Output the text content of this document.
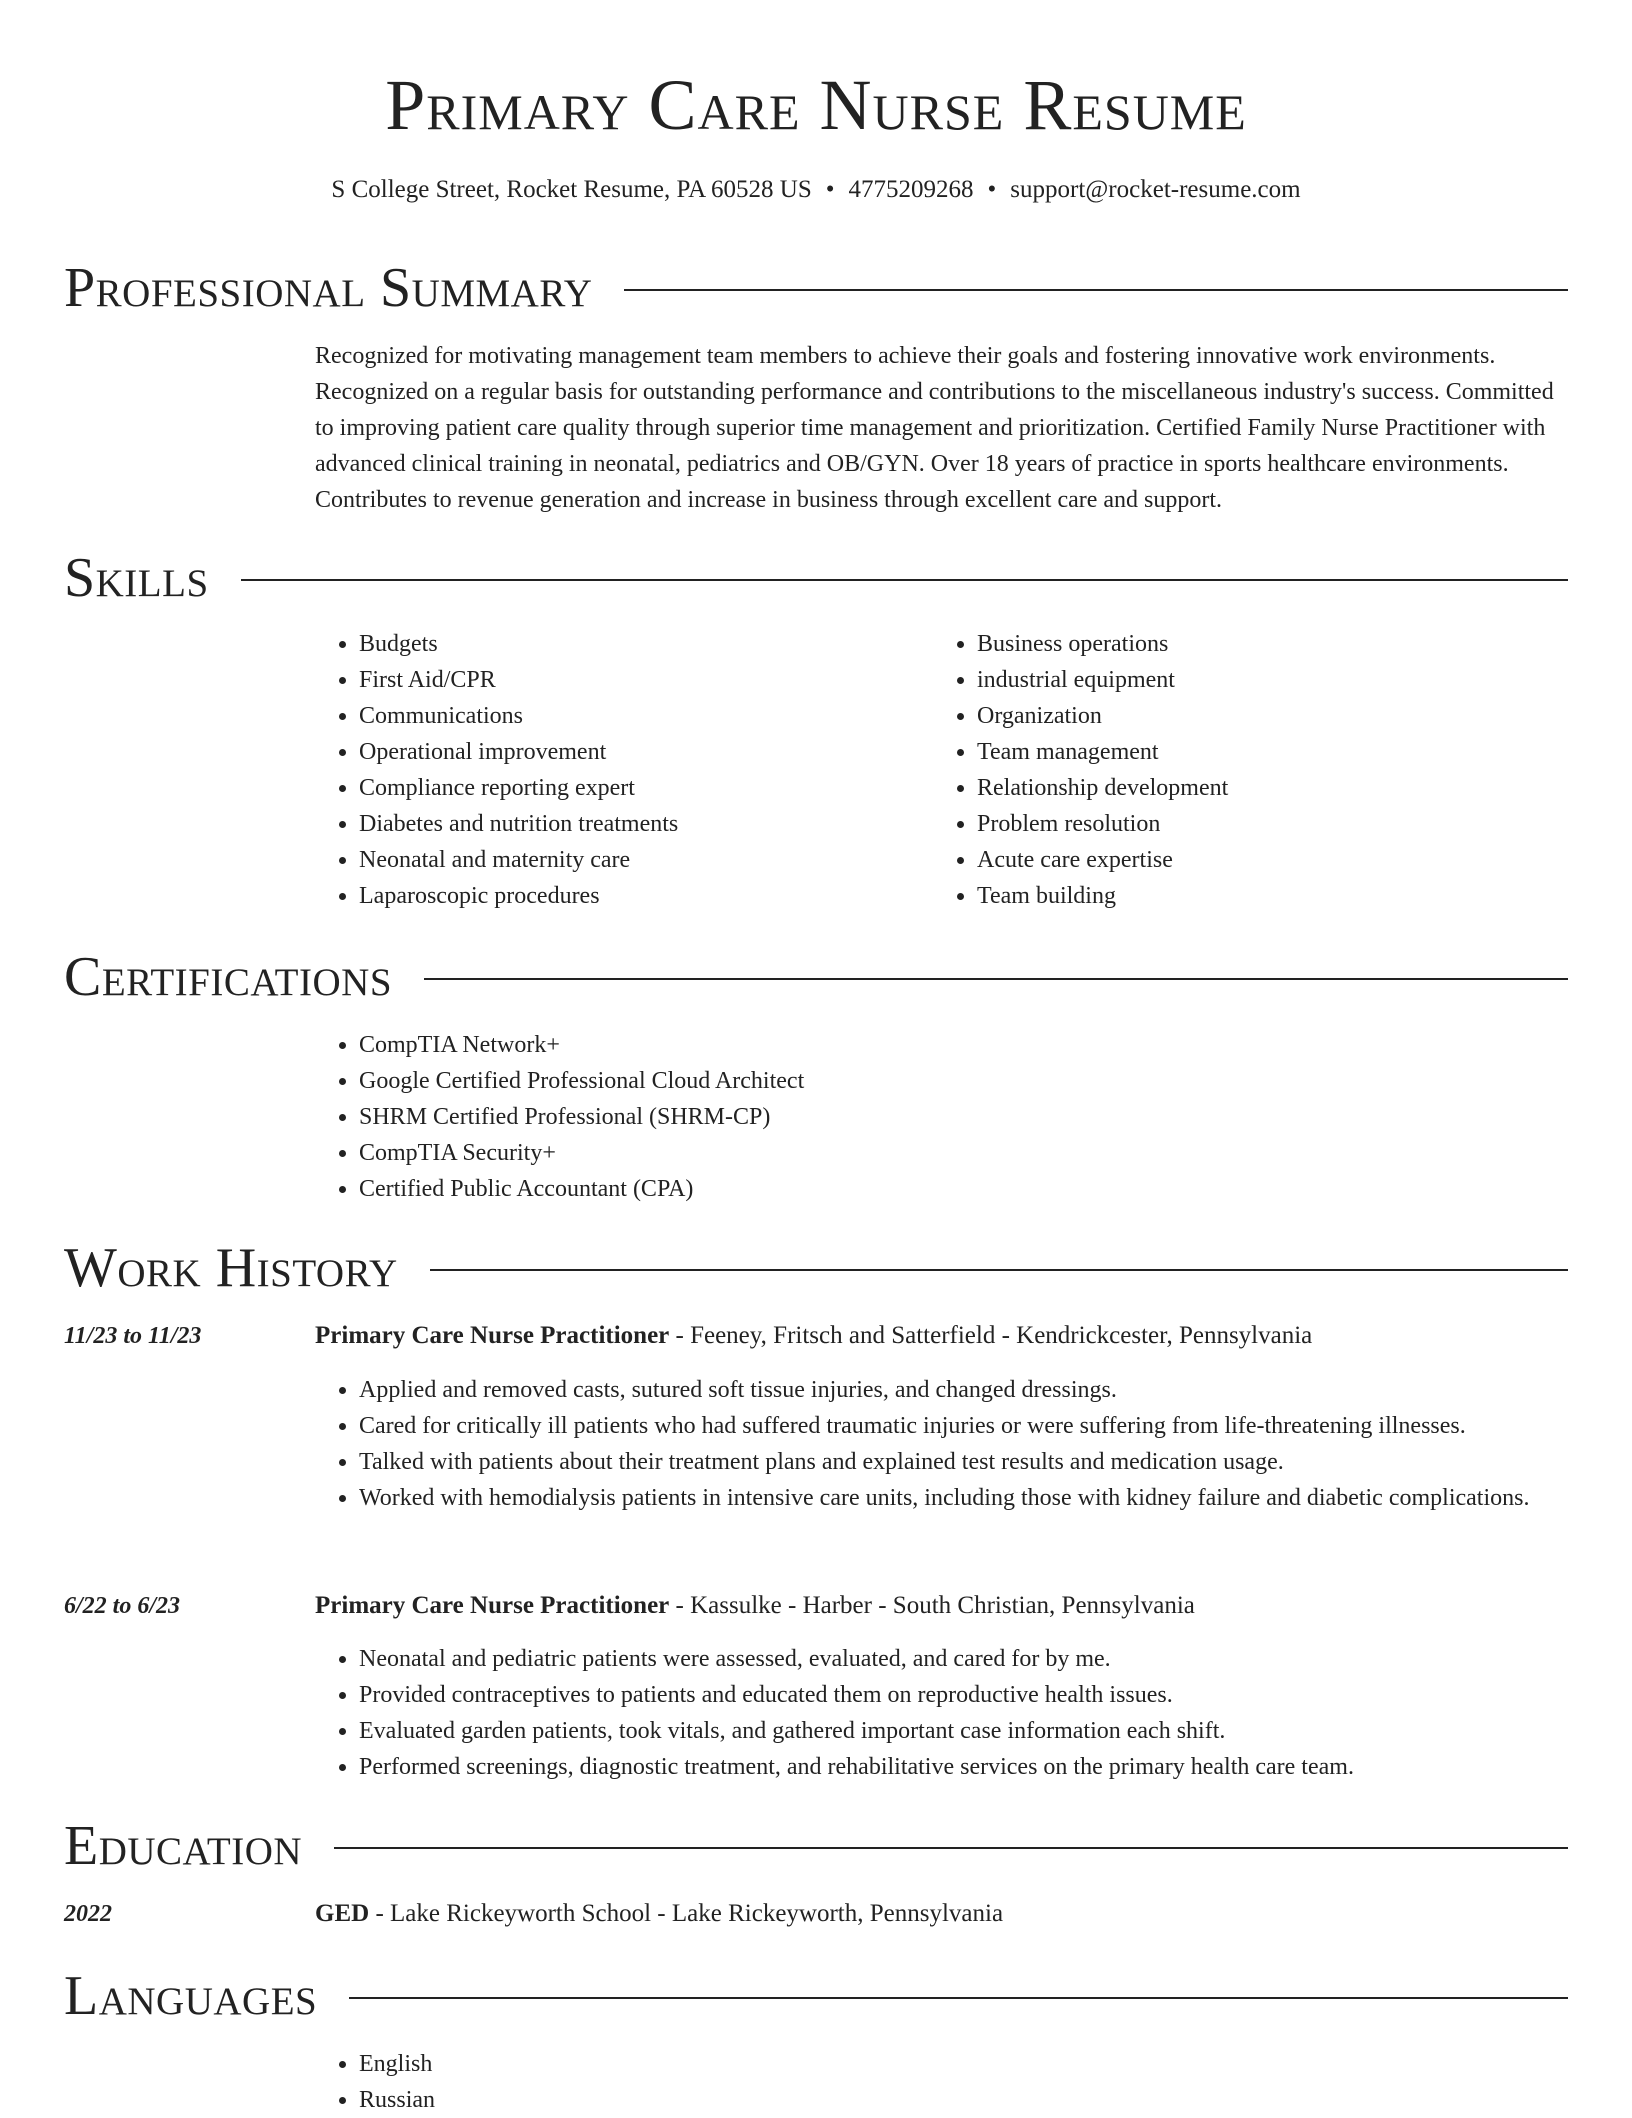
Primary Care Nurse Resume
S College Street, Rocket Resume, PA 60528 US • 4775209268 • support@rocket-resume.com
Professional Summary
Recognized for motivating management team members to achieve their goals and fostering innovative work environments. Recognized on a regular basis for outstanding performance and contributions to the miscellaneous industry's success. Committed to improving patient care quality through superior time management and prioritization. Certified Family Nurse Practitioner with advanced clinical training in neonatal, pediatrics and OB/GYN. Over 18 years of practice in sports healthcare environments. Contributes to revenue generation and increase in business through excellent care and support.
Skills
• Budgets
• First Aid/CPR
• Communications
• Operational improvement
• Compliance reporting expert
• Diabetes and nutrition treatments
• Neonatal and maternity care
• Laparoscopic procedures
• Business operations
• industrial equipment
• Organization
• Team management
• Relationship development
• Problem resolution
• Acute care expertise
• Team building
Certifications
• CompTIA Network+
• Google Certified Professional Cloud Architect
• SHRM Certified Professional (SHRM-CP)
• CompTIA Security+
• Certified Public Accountant (CPA)
Work History
11/23 to 11/23	Primary Care Nurse Practitioner - Feeney, Fritsch and Satterfield - Kendrickcester, Pennsylvania
• Applied and removed casts, sutured soft tissue injuries, and changed dressings.
• Cared for critically ill patients who had suffered traumatic injuries or were suffering from life-threatening illnesses.
• Talked with patients about their treatment plans and explained test results and medication usage.
• Worked with hemodialysis patients in intensive care units, including those with kidney failure and diabetic complications.
6/22 to 6/23	Primary Care Nurse Practitioner - Kassulke - Harber - South Christian, Pennsylvania
• Neonatal and pediatric patients were assessed, evaluated, and cared for by me.
• Provided contraceptives to patients and educated them on reproductive health issues.
• Evaluated garden patients, took vitals, and gathered important case information each shift.
• Performed screenings, diagnostic treatment, and rehabilitative services on the primary health care team.
Education
2022	GED - Lake Rickeyworth School - Lake Rickeyworth, Pennsylvania
Languages
• English
• Russian
